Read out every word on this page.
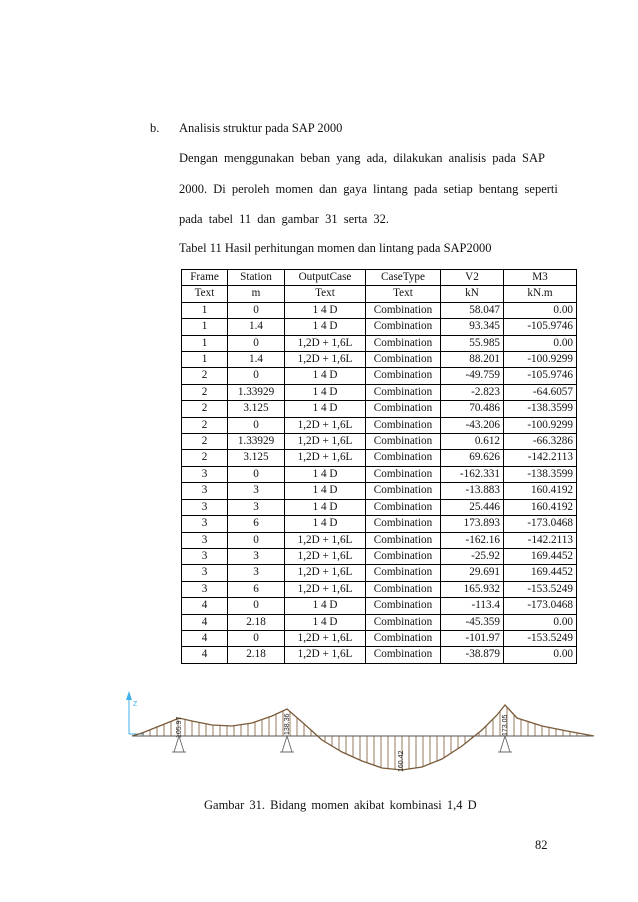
b. Analisis struktur pada SAP 2000
Dengan menggunakan beban yang ada, dilakukan analisis pada SAP
2000. Di peroleh momen dan gaya lintang pada setiap bentang seperti
pada tabel 11 dan gambar 31 serta 32.
Tabel 11 Hasil perhitungan momen dan lintang pada SAP2000
Frame	Station	OutputCase	CaseType	V2	M3
Text	m	Text	Text	kN	kN.m
1	0	1 4 D	Combination	58.047	0.00
1	1.4	1 4 D	Combination	93.345	-105.9746
1	0	1,2D + 1,6L	Combination	55.985	0.00
1	1.4	1,2D + 1,6L	Combination	88.201	-100.9299
2	0	1 4 D	Combination	-49.759	-105.9746
2	1.33929	1 4 D	Combination	-2.823	-64.6057
2	3.125	1 4 D	Combination	70.486	-138.3599
2	0	1,2D + 1,6L	Combination	-43.206	-100.9299
2	1.33929	1,2D + 1,6L	Combination	0.612	-66.3286
2	3.125	1,2D + 1,6L	Combination	69.626	-142.2113
3	0	1 4 D	Combination	-162.331	-138.3599
3	3	1 4 D	Combination	-13.883	160.4192
3	3	1 4 D	Combination	25.446	160.4192
3	6	1 4 D	Combination	173.893	-173.0468
3	0	1,2D + 1,6L	Combination	-162.16	-142.2113
3	3	1,2D + 1,6L	Combination	-25.92	169.4452
3	3	1,2D + 1,6L	Combination	29.691	169.4452
3	6	1,2D + 1,6L	Combination	165.932	-153.5249
4	0	1 4 D	Combination	-113.4	-173.0468
4	2.18	1 4 D	Combination	-45.359	0.00
4	0	1,2D + 1,6L	Combination	-101.97	-153.5249
4	2.18	1,2D + 1,6L	Combination	-38.879	0.00
Z
105.97	138.36
160.42
173.05
Gambar 31. Bidang momen akibat kombinasi 1,4 D
82
